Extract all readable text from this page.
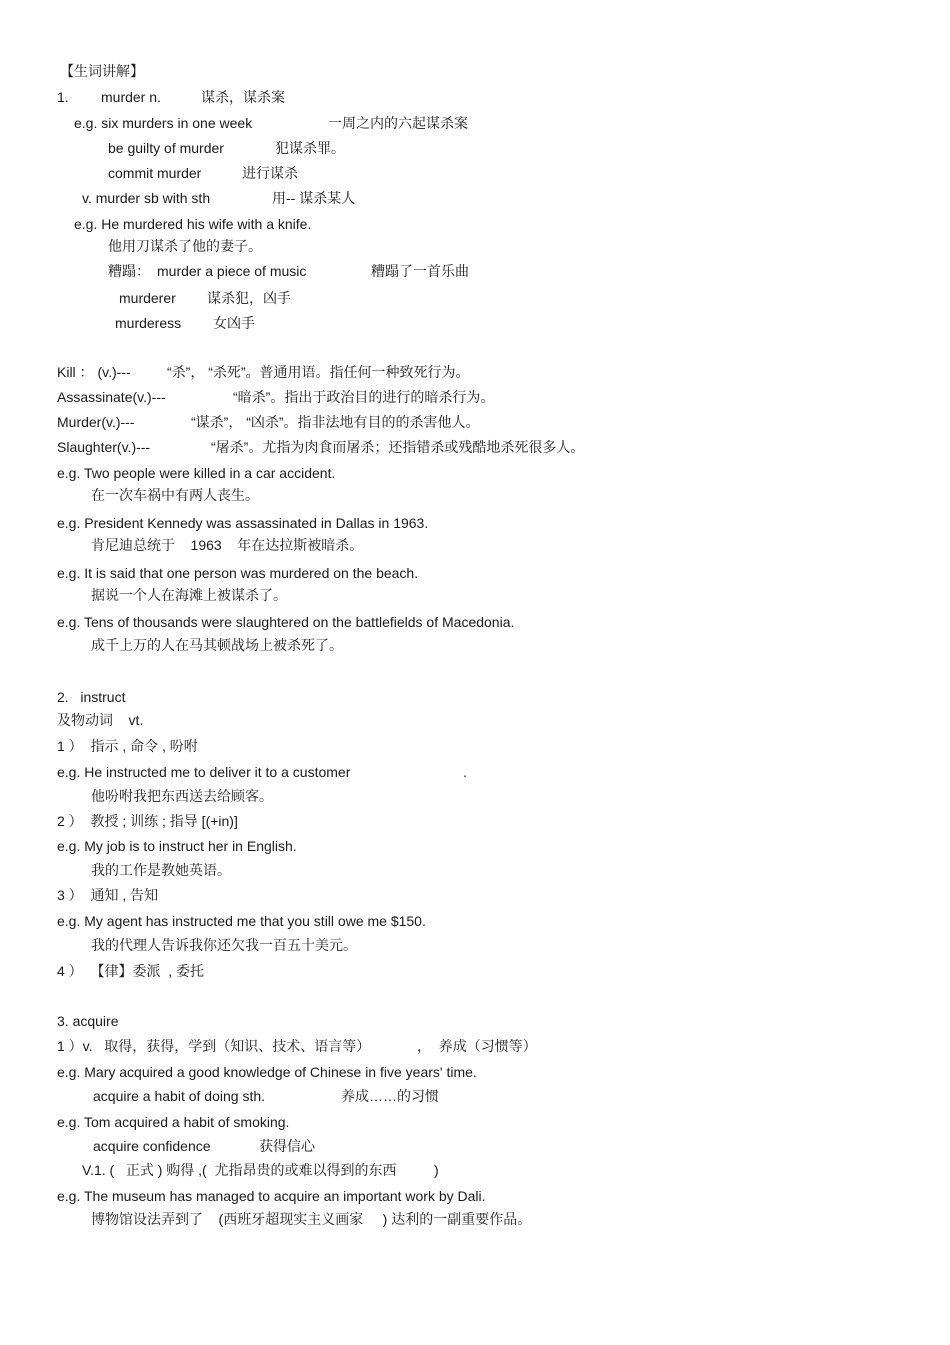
【生词讲解】
1. murder n.	谋杀，谋杀案
e.g. six murders in one week	一周之内的六起谋杀案
be guilty of murder	犯谋杀罪。
commit murder	进行谋杀
v. murder sb with sth	用-- 谋杀某人
e.g. He murdered his wife with a knife.
他用刀谋杀了他的妻子。
糟蹋： murder a piece of music	糟蹋了一首乐曲
murderer 谋杀犯，凶手
murderess 女凶手
Kill ： (v.)---	“杀”， “杀死”。普通用语。指任何一种致死行为。
Assassinate(v.)---	“暗杀”。指出于政治目的进行的暗杀行为。
Murder(v.)---	“谋杀”， “凶杀”。指非法地有目的的杀害他人。
Slaughter(v.)---	“屠杀”。尤指为肉食而屠杀；还指错杀或残酷地杀死很多人。
e.g. Two people were killed in a car accident.
在一次车祸中有两人丧生。
e.g. President Kennedy was assassinated in Dallas in 1963.
肯尼迪总统于    1963    年在达拉斯被暗杀。
e.g. It is said that one person was murdered on the beach.
据说一个人在海滩上被谋杀了。
e.g. Tens of thousands were slaughtered on the battlefields of Macedonia.
成千上万的人在马其顿战场上被杀死了。
2.   instruct
及物动词    vt.
1 ）  指示 , 命令 , 吩咐
e.g. He instructed me to deliver it to a customer	.
他吩咐我把东西送去给顾客。
2 ）  教授 ; 训练 ; 指导 [(+in)]
e.g. My job is to instruct her in English.
我的工作是教她英语。
3 ）  通知 , 告知
e.g. My agent has instructed me that you still owe me $150.
我的代理人告诉我你还欠我一百五十美元。
4 ）  【律】委派  , 委托
3. acquire
1 ）v.   取得，获得，学到（知识、技术、语言等）	，  养成（习惯等）
e.g. Mary acquired a good knowledge of Chinese in five years' time.
acquire a habit of doing sth.	养成……的习惯
e.g. Tom acquired a habit of smoking.
acquire confidence	获得信心
V.1. (   正式 ) 购得 ,(  尤指昂贵的或难以得到的东西	)
e.g. The museum has managed to acquire an important work by Dali.
博物馆设法弄到了    (西班牙超现实主义画家     ) 达利的一副重要作品。
